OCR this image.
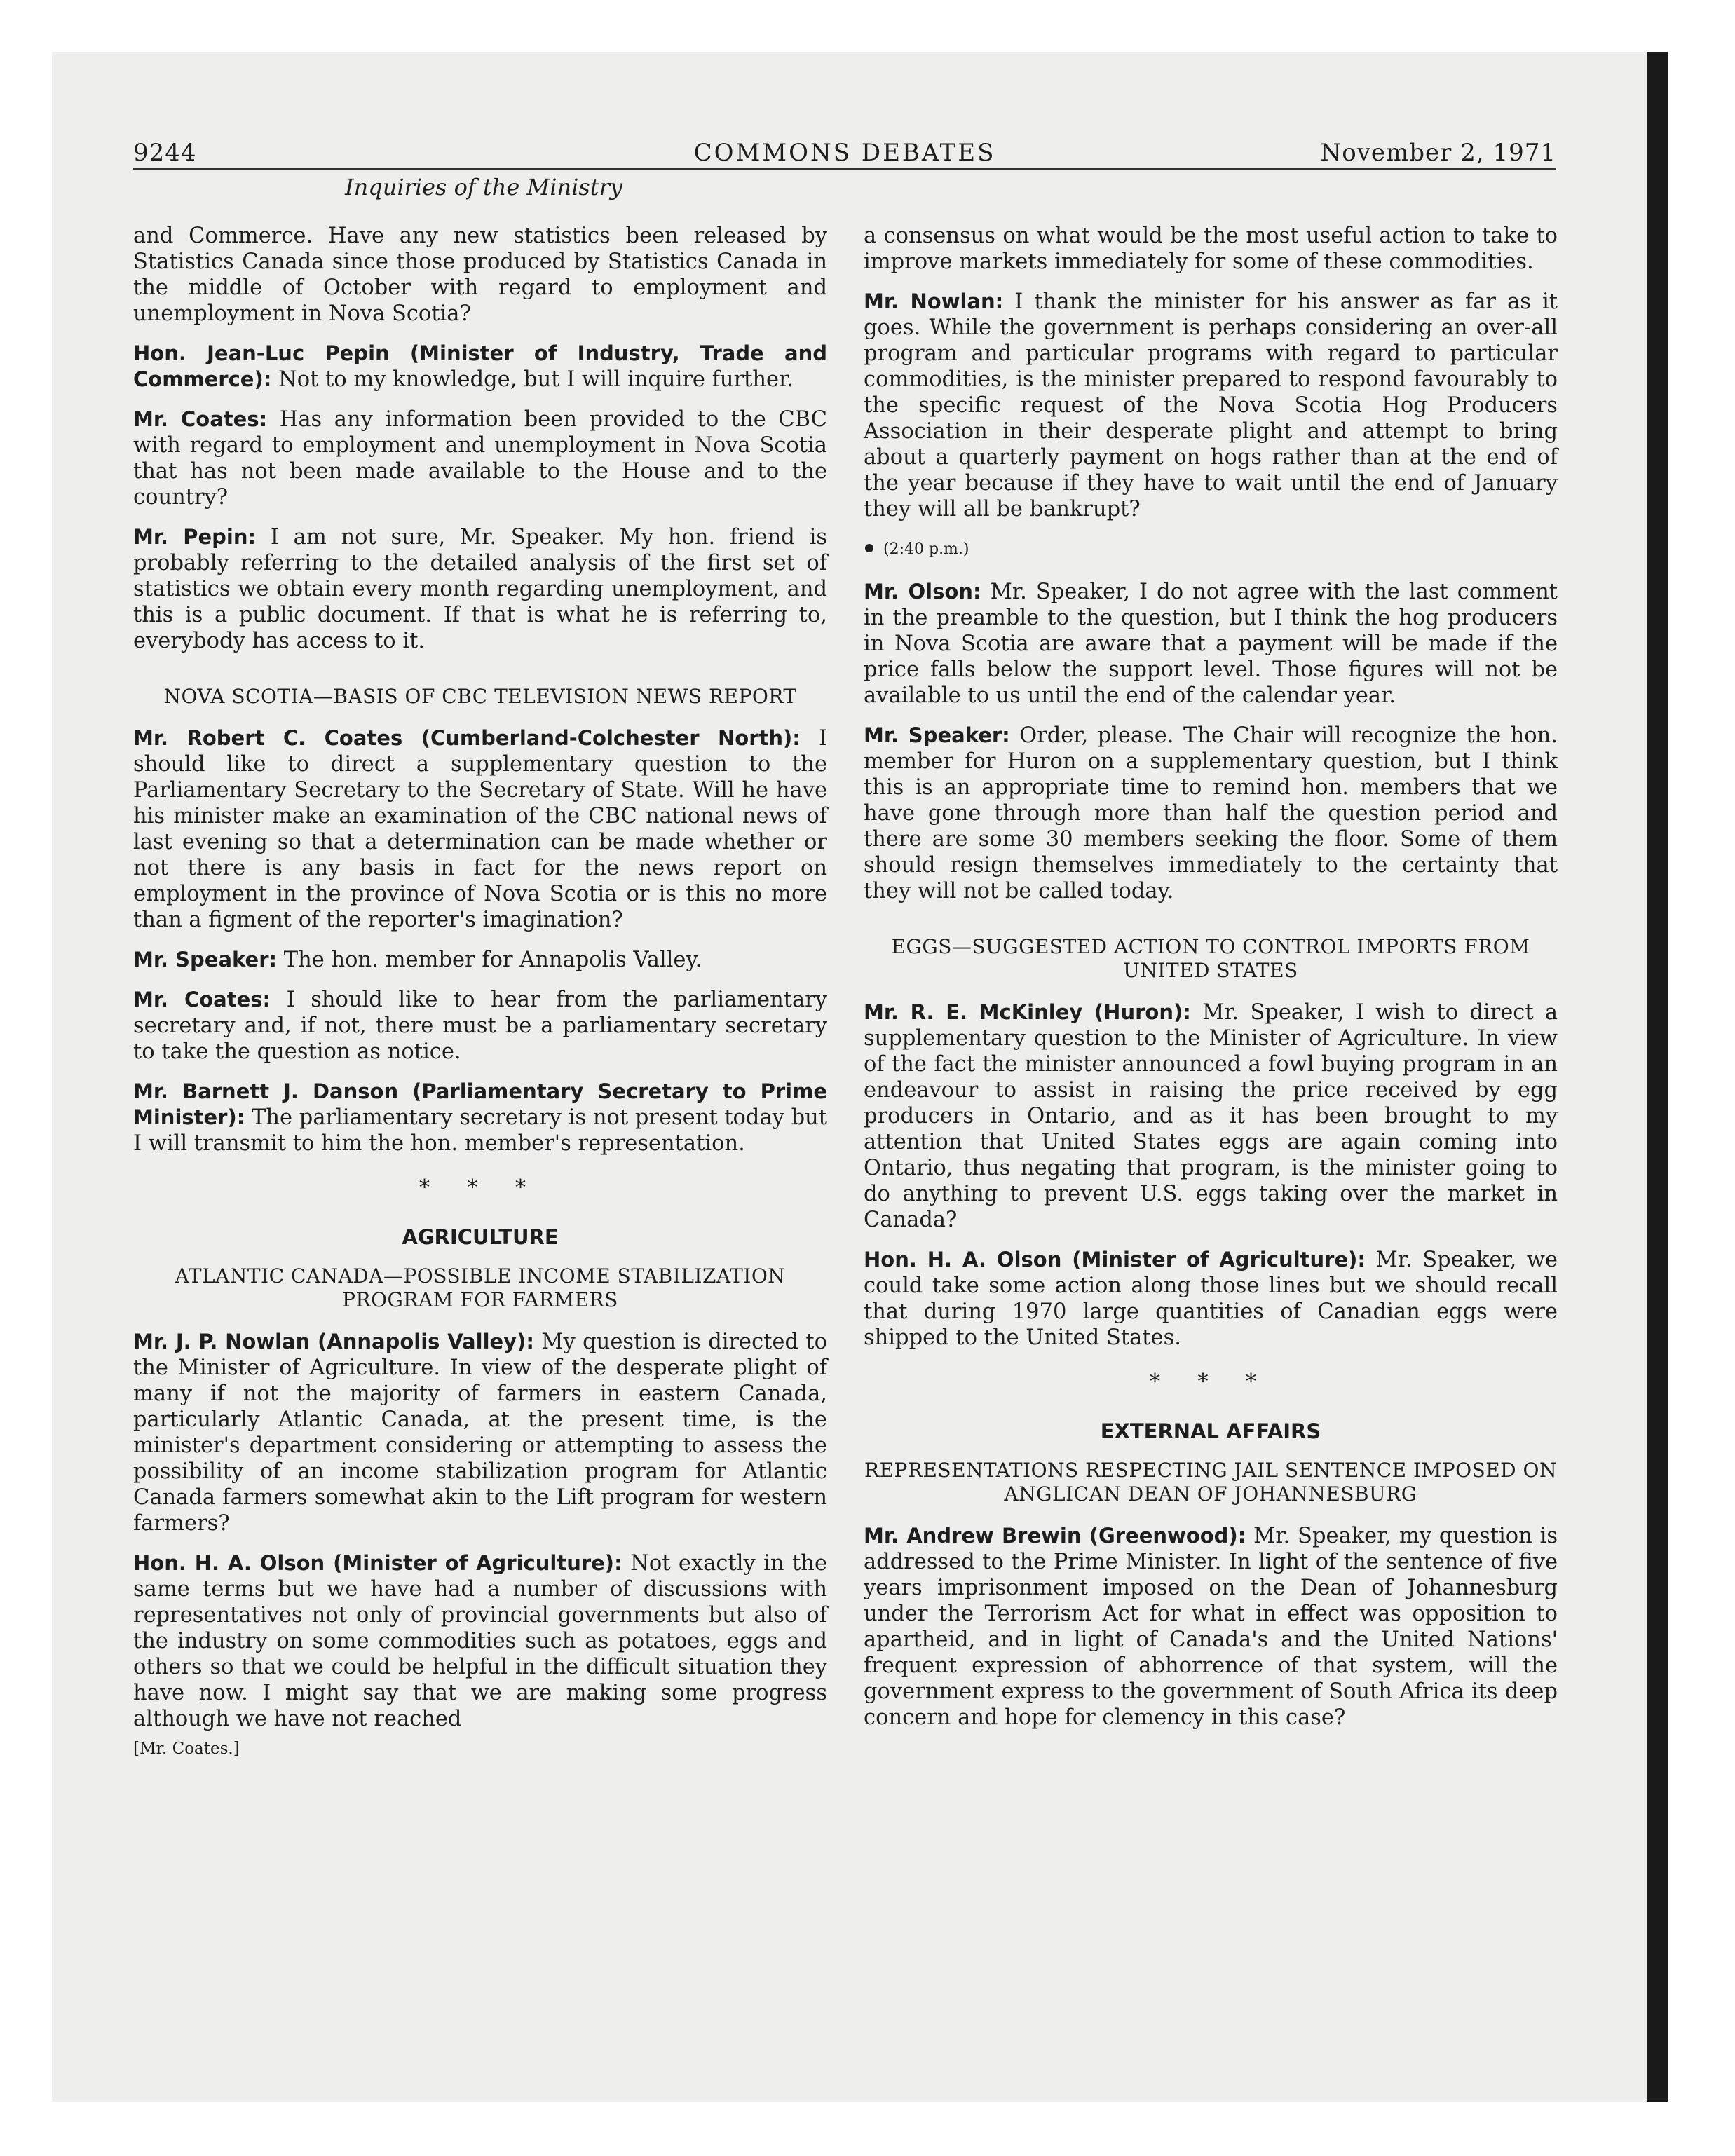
9244	COMMONS DEBATES	November 2, 1971
Inquiries of the Ministry

and Commerce. Have any new statistics been released by Statistics Canada since those produced by Statistics Canada in the middle of October with regard to employment and unemployment in Nova Scotia?

Hon. Jean-Luc Pepin (Minister of Industry, Trade and Commerce): Not to my knowledge, but I will inquire further.

Mr. Coates: Has any information been provided to the CBC with regard to employment and unemployment in Nova Scotia that has not been made available to the House and to the country?

Mr. Pepin: I am not sure, Mr. Speaker. My hon. friend is probably referring to the detailed analysis of the first set of statistics we obtain every month regarding unemployment, and this is a public document. If that is what he is referring to, everybody has access to it.

NOVA SCOTIA—BASIS OF CBC TELEVISION NEWS REPORT

Mr. Robert C. Coates (Cumberland-Colchester North): I should like to direct a supplementary question to the Parliamentary Secretary to the Secretary of State. Will he have his minister make an examination of the CBC national news of last evening so that a determination can be made whether or not there is any basis in fact for the news report on employment in the province of Nova Scotia or is this no more than a figment of the reporter's imagination?

Mr. Speaker: The hon. member for Annapolis Valley.

Mr. Coates: I should like to hear from the parliamentary secretary and, if not, there must be a parliamentary secretary to take the question as notice.

Mr. Barnett J. Danson (Parliamentary Secretary to Prime Minister): The parliamentary secretary is not present today but I will transmit to him the hon. member's representation.

* * *
AGRICULTURE
ATLANTIC CANADA—POSSIBLE INCOME STABILIZATION PROGRAM FOR FARMERS

Mr. J. P. Nowlan (Annapolis Valley): My question is directed to the Minister of Agriculture. In view of the desperate plight of many if not the majority of farmers in eastern Canada, particularly Atlantic Canada, at the present time, is the minister's department considering or attempting to assess the possibility of an income stabilization program for Atlantic Canada farmers somewhat akin to the Lift program for western farmers?

Hon. H. A. Olson (Minister of Agriculture): Not exactly in the same terms but we have had a number of discussions with representatives not only of provincial governments but also of the industry on some commodities such as potatoes, eggs and others so that we could be helpful in the difficult situation they have now. I might say that we are making some progress although we have not reached

[Mr. Coates.]

a consensus on what would be the most useful action to take to improve markets immediately for some of these commodities.

Mr. Nowlan: I thank the minister for his answer as far as it goes. While the government is perhaps considering an over-all program and particular programs with regard to particular commodities, is the minister prepared to respond favourably to the specific request of the Nova Scotia Hog Producers Association in their desperate plight and attempt to bring about a quarterly payment on hogs rather than at the end of the year because if they have to wait until the end of January they will all be bankrupt?

(2:40 p.m.)

Mr. Olson: Mr. Speaker, I do not agree with the last comment in the preamble to the question, but I think the hog producers in Nova Scotia are aware that a payment will be made if the price falls below the support level. Those figures will not be available to us until the end of the calendar year.

Mr. Speaker: Order, please. The Chair will recognize the hon. member for Huron on a supplementary question, but I think this is an appropriate time to remind hon. members that we have gone through more than half the question period and there are some 30 members seeking the floor. Some of them should resign themselves immediately to the certainty that they will not be called today.

EGGS—SUGGESTED ACTION TO CONTROL IMPORTS FROM UNITED STATES

Mr. R. E. McKinley (Huron): Mr. Speaker, I wish to direct a supplementary question to the Minister of Agriculture. In view of the fact the minister announced a fowl buying program in an endeavour to assist in raising the price received by egg producers in Ontario, and as it has been brought to my attention that United States eggs are again coming into Ontario, thus negating that program, is the minister going to do anything to prevent U.S. eggs taking over the market in Canada?

Hon. H. A. Olson (Minister of Agriculture): Mr. Speaker, we could take some action along those lines but we should recall that during 1970 large quantities of Canadian eggs were shipped to the United States.

* * *
EXTERNAL AFFAIRS
REPRESENTATIONS RESPECTING JAIL SENTENCE IMPOSED ON ANGLICAN DEAN OF JOHANNESBURG

Mr. Andrew Brewin (Greenwood): Mr. Speaker, my question is addressed to the Prime Minister. In light of the sentence of five years imprisonment imposed on the Dean of Johannesburg under the Terrorism Act for what in effect was opposition to apartheid, and in light of Canada's and the United Nations' frequent expression of abhorrence of that system, will the government express to the government of South Africa its deep concern and hope for clemency in this case?
